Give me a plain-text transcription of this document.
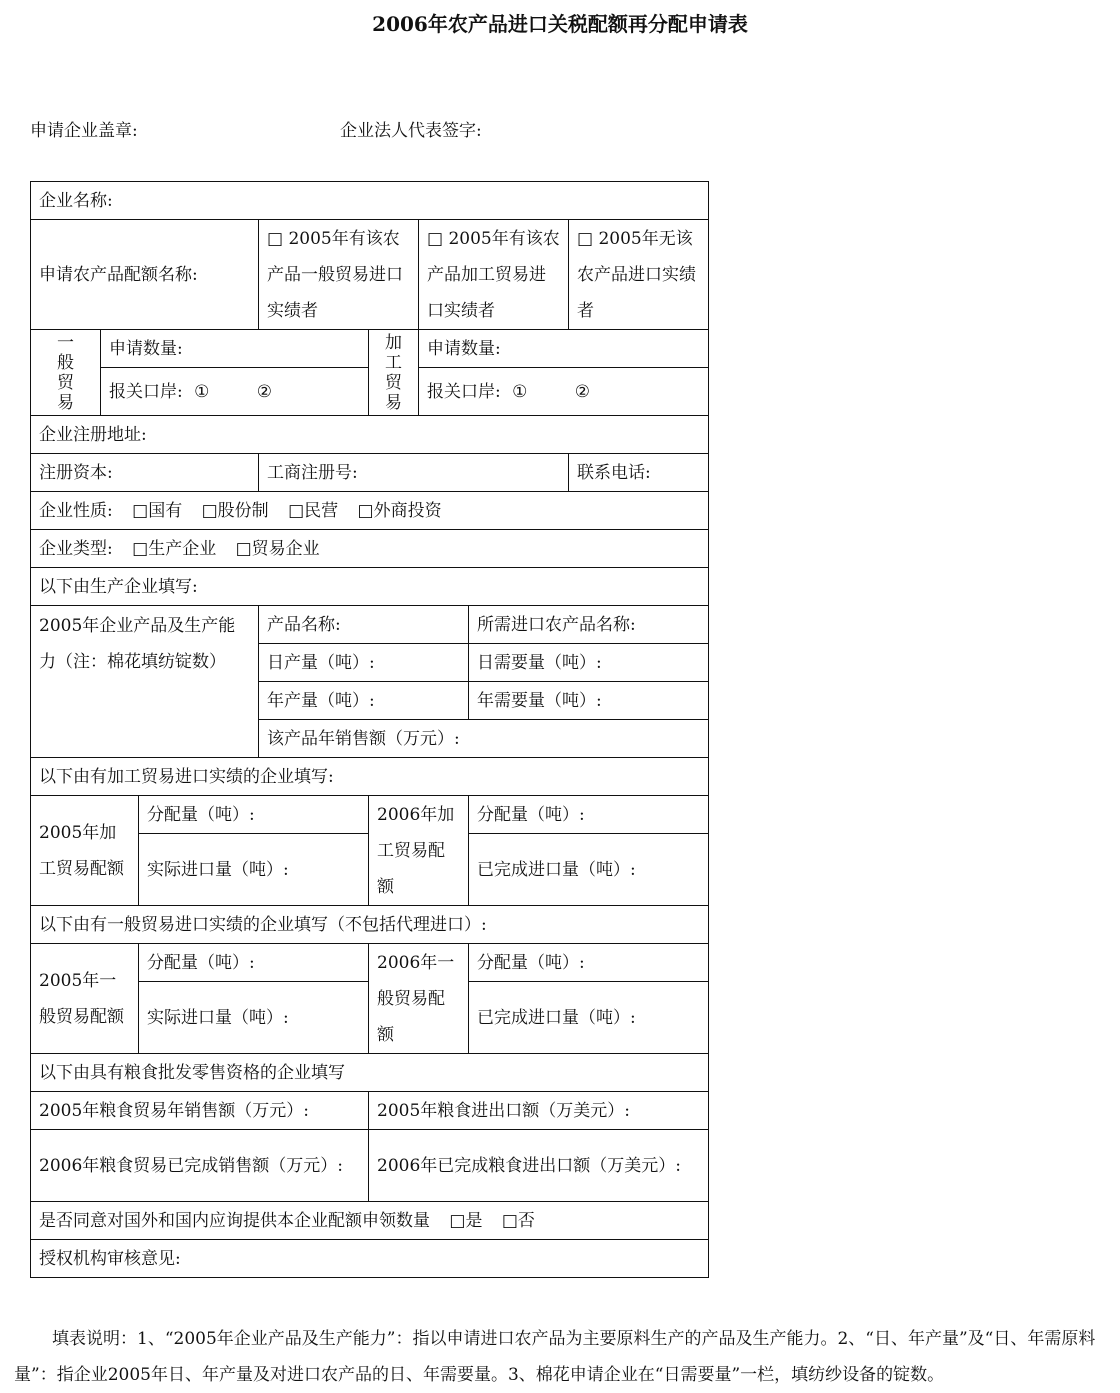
2006年农产品进口关税配额再分配申请表
申请企业盖章:	企业法人代表签字:
企业名称:							
申请农产品配额名称:			□ 2005年有该农产品一般贸易进口实绩者		□ 2005年有该农产品加工贸易进口实绩者		□ 2005年无该农产品进口实绩者

一般贸易	申请数量:			加工贸易	申请数量:		
	报关口岸: ① ②				报关口岸: ① ②		
企业注册地址:							
注册资本:			工商注册号:				联系电话:
企业性质: □国有 □股份制 □民营 □外商投资							
企业类型: □生产企业 □贸易企业							
以下由生产企业填写:							
2005年企业产品及生产能力（注：棉花填纺锭数）			产品名称:			所需进口农产品名称:	
			日产量（吨）:			日需要量（吨）:	
			年产量（吨）:			年需要量（吨）:	
			该产品年销售额（万元）:				
以下由有加工贸易进口实绩的企业填写:							
2005年加工贸易配额		分配量（吨）:		2006年加工贸易配额		分配量（吨）:	
		实际进口量（吨）:				已完成进口量（吨）:	
以下由有一般贸易进口实绩的企业填写（不包括代理进口）:							
2005年一般贸易配额		分配量（吨）:		2006年一般贸易配额		分配量（吨）:	
		实际进口量（吨）:				已完成进口量（吨）:	
以下由具有粮食批发零售资格的企业填写							
2005年粮食贸易年销售额（万元）:				2005年粮食进出口额（万美元）:			
2006年粮食贸易已完成销售额（万元）:				2006年已完成粮食进出口额（万美元）:			
是否同意对国外和国内应询提供本企业配额申领数量 □是 □否							
授权机构审核意见:							
填表说明：1、“2005年企业产品及生产能力”：指以申请进口农产品为主要原料生产的产品及生产能力。2、“日、年产量”及“日、年需原料量”：指企业2005年日、年产量及对进口农产品的日、年需要量。3、棉花申请企业在“日需要量”一栏，填纺纱设备的锭数。
